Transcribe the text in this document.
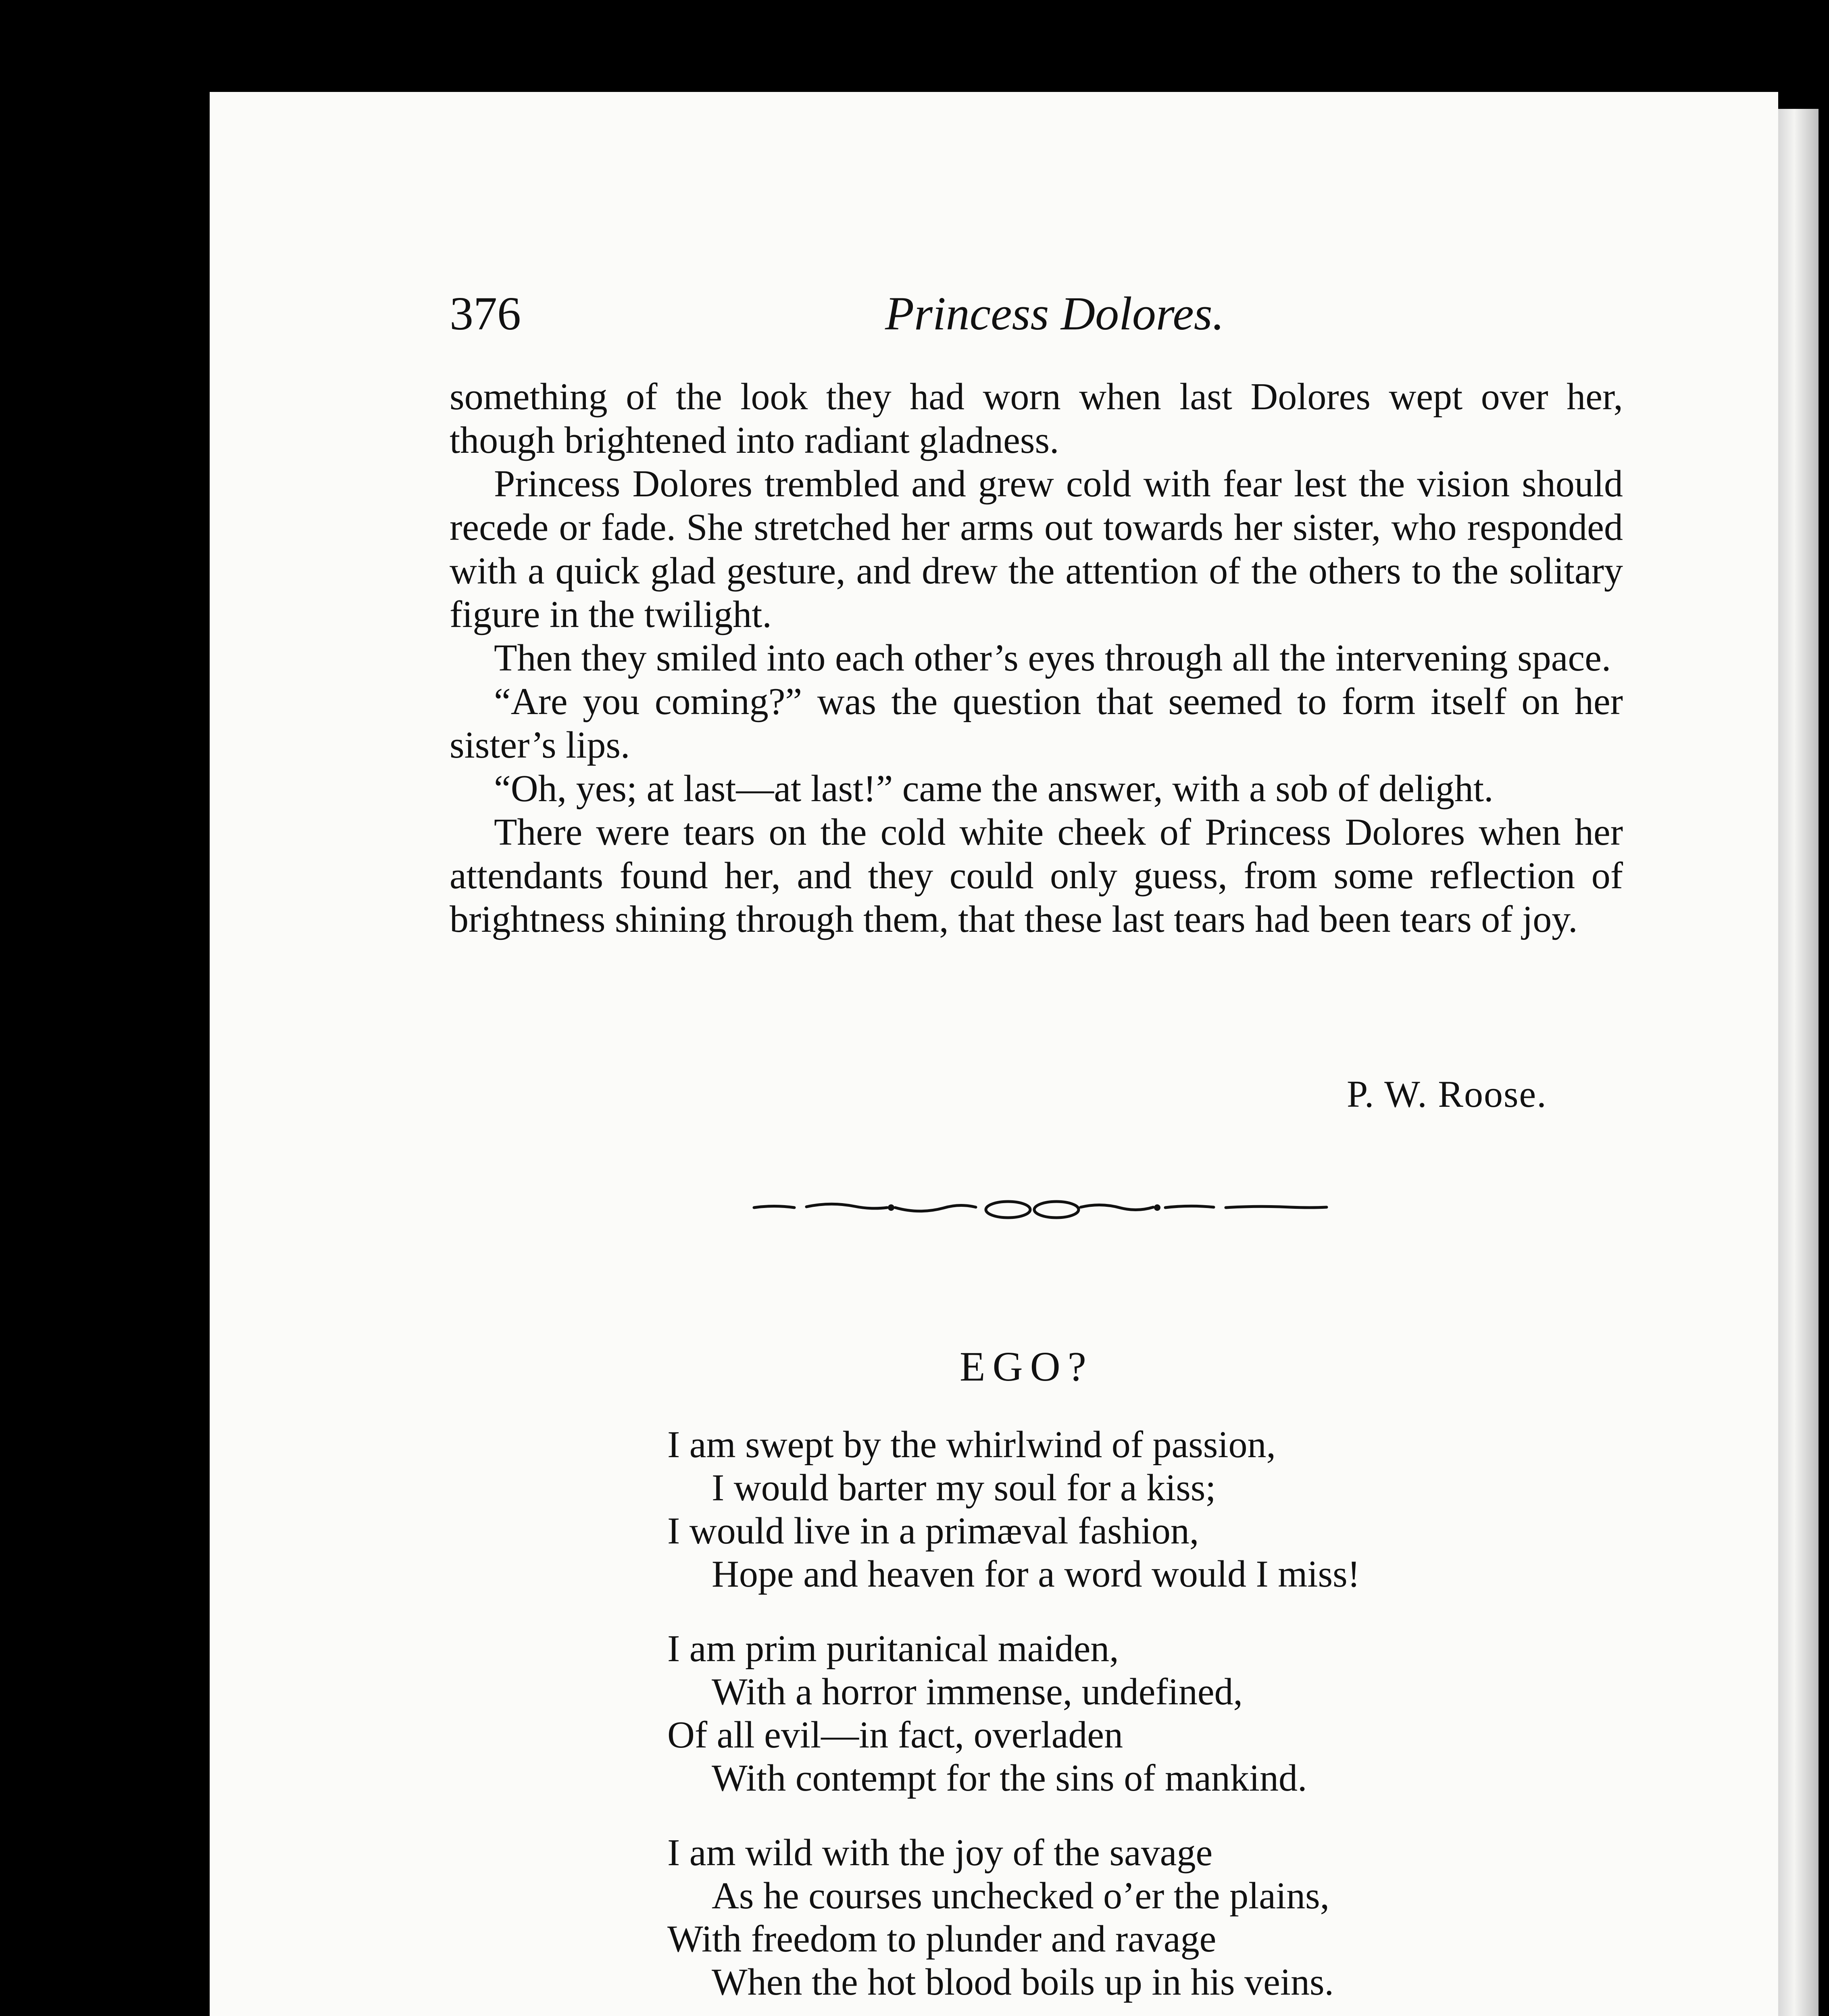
376	Princess Dolores.

something of the look they had worn when last Dolores wept over her, though brightened into radiant gladness.

Princess Dolores trembled and grew cold with fear lest the vision should recede or fade. She stretched her arms out towards her sister, who responded with a quick glad gesture, and drew the attention of the others to the solitary figure in the twilight.

Then they smiled into each other’s eyes through all the intervening space.

“Are you coming?” was the question that seemed to form itself on her sister’s lips.

“Oh, yes; at last—at last!” came the answer, with a sob of delight.

There were tears on the cold white cheek of Princess Dolores when her attendants found her, and they could only guess, from some reflection of brightness shining through them, that these last tears had been tears of joy.

P. W. Roose.
EGO?
I am swept by the whirlwind of passion,
I would barter my soul for a kiss;
I would live in a primæval fashion,
Hope and heaven for a word would I miss!
I am prim puritanical maiden,
With a horror immense, undefined,
Of all evil—in fact, overladen
With contempt for the sins of mankind.
I am wild with the joy of the savage
As he courses unchecked o’er the plains,
With freedom to plunder and ravage
When the hot blood boils up in his veins.
